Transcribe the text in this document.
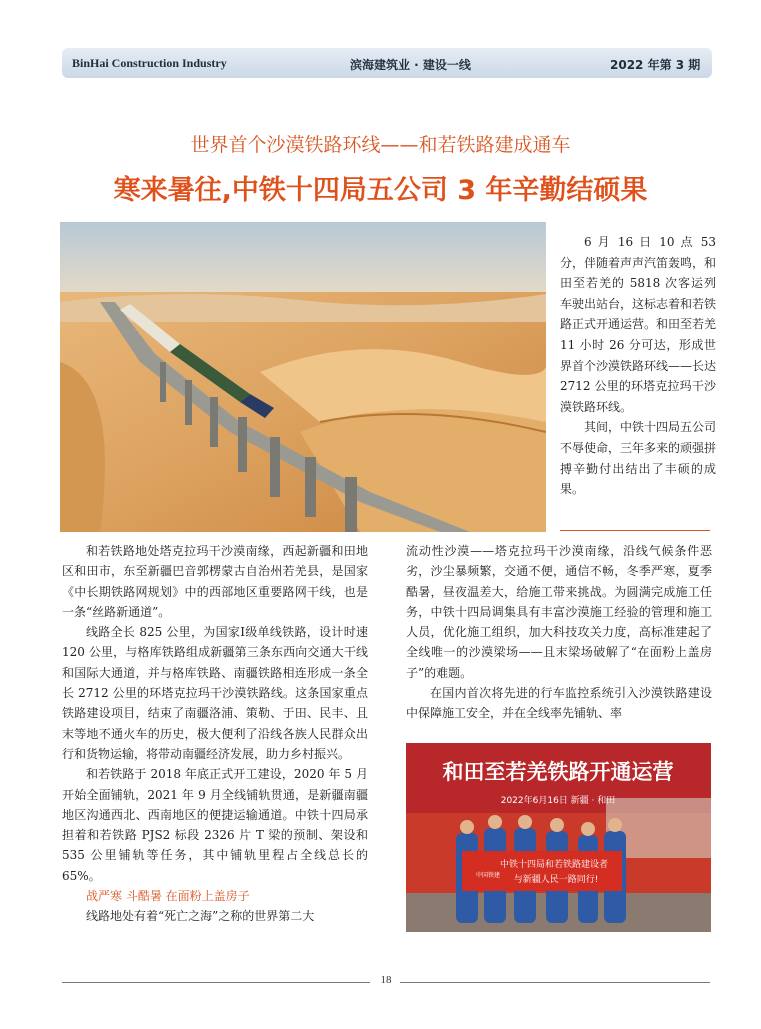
BinHai Construction Industry	滨海建筑业 · 建设一线	2022 年第 3 期
世界首个沙漠铁路环线——和若铁路建成通车
寒来暑往,中铁十四局五公司 3 年辛勤结硕果

6 月 16 日 10 点 53 分，伴随着声声汽笛轰鸣，和田至若羌的 5818 次客运列车驶出站台，这标志着和若铁路正式开通运营。和田至若羌 11 小时 26 分可达，形成世界首个沙漠铁路环线——长达 2712 公里的环塔克拉玛干沙漠铁路环线。

其间，中铁十四局五公司不辱使命，三年多来的顽强拼搏辛勤付出结出了丰硕的成果。

和若铁路地处塔克拉玛干沙漠南缘，西起新疆和田地区和田市，东至新疆巴音郭楞蒙古自治州若羌县，是国家《中长期铁路网规划》中的西部地区重要路网干线，也是一条“丝路新通道”。

线路全长 825 公里，为国家Ⅰ级单线铁路，设计时速 120 公里，与格库铁路组成新疆第三条东西向交通大干线和国际大通道，并与格库铁路、南疆铁路相连形成一条全长 2712 公里的环塔克拉玛干沙漠铁路线。这条国家重点铁路建设项目，结束了南疆洛浦、策勒、于田、民丰、且末等地不通火车的历史，极大便利了沿线各族人民群众出行和货物运输，将带动南疆经济发展，助力乡村振兴。

和若铁路于 2018 年底正式开工建设，2020 年 5 月开始全面铺轨，2021 年 9 月全线铺轨贯通，是新疆南疆地区沟通西北、西南地区的便捷运输通道。中铁十四局承担着和若铁路 PJS2 标段 2326 片 T 梁的预制、架设和 535 公里铺轨等任务，其中铺轨里程占全线总长的 65%。

战严寒 斗酷暑 在面粉上盖房子

线路地处有着“死亡之海”之称的世界第二大

流动性沙漠——塔克拉玛干沙漠南缘，沿线气候条件恶劣，沙尘暴频繁，交通不便，通信不畅，冬季严寒，夏季酷暑，昼夜温差大，给施工带来挑战。为圆满完成施工任务，中铁十四局调集具有丰富沙漠施工经验的管理和施工人员，优化施工组织，加大科技攻关力度，高标准建起了全线唯一的沙漠梁场——且末梁场破解了“在面粉上盖房子”的难题。

在国内首次将先进的行车监控系统引入沙漠铁路建设中保障施工安全，并在全线率先铺轨、率

和田至若羌铁路开通运营
2022年6月16日 新疆 · 和田
中国铁建
中铁十四局和若铁路建设者
与新疆人民一路同行!
18
